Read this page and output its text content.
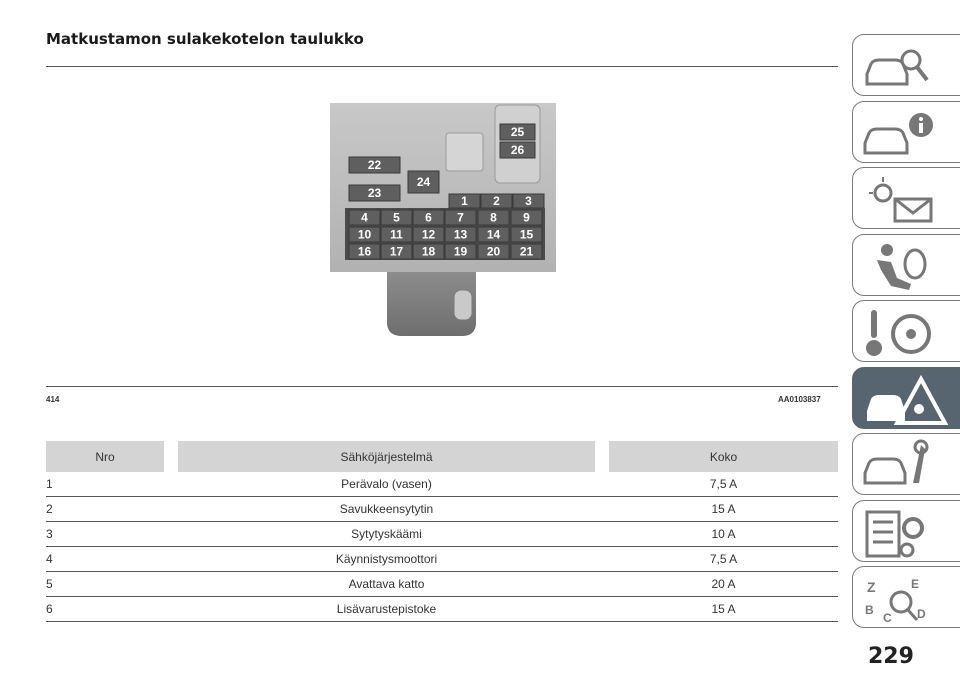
Matkustamon sulakekotelon taulukko
22
23
24
25
26
1 2 3
4 5 6 7 8 9
10 11 12 13 14 15
16 17 18 19 20 21
414	AA0103837
Nro		Sähköjärjestelmä		Koko
1		Perävalo (vasen)		7,5 A
2		Savukkeensytytin		15 A
3		Sytytyskäämi		10 A
4		Käynnistysmoottori		7,5 A
5		Avattava katto		20 A
6		Lisävarustepistoke		15 A
Z	E
B
C D
229
